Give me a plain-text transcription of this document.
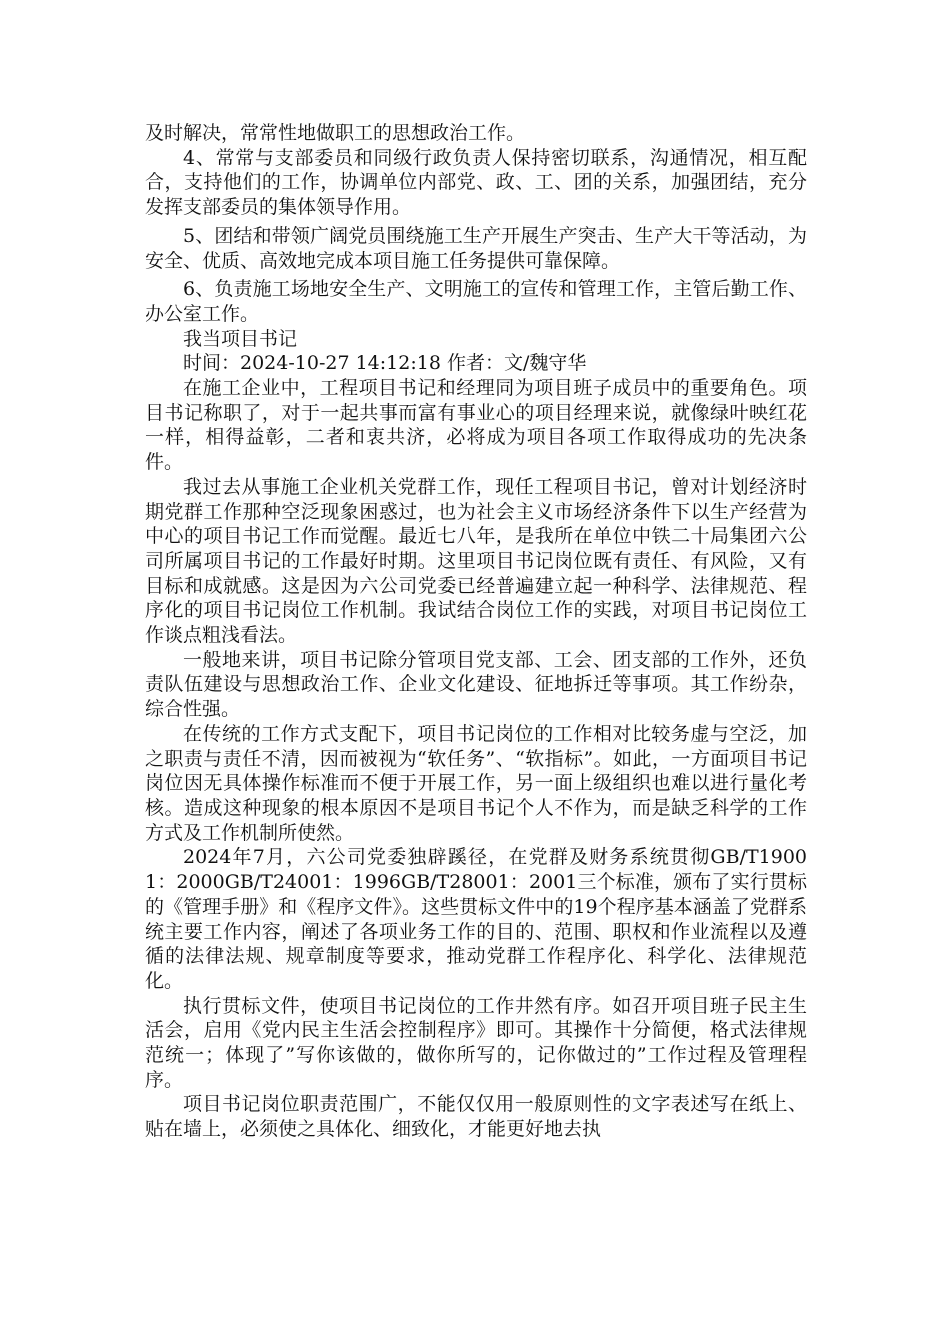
及时解决，常常性地做职工的思想政治工作。

4、常常与支部委员和同级行政负责人保持密切联系，沟通情况，相互配合，支持他们的工作，协调单位内部党、政、工、团的关系，加强团结，充分发挥支部委员的集体领导作用。

5、团结和带领广阔党员围绕施工生产开展生产突击、生产大干等活动，为安全、优质、高效地完成本项目施工任务提供可靠保障。

6、负责施工场地安全生产、文明施工的宣传和管理工作，主管后勤工作、办公室工作。

我当项目书记

时间：2024-10-27 14:12:18 作者：文/魏守华

在施工企业中，工程项目书记和经理同为项目班子成员中的重要角色。项目书记称职了，对于一起共事而富有事业心的项目经理来说，就像绿叶映红花一样，相得益彰，二者和衷共济，必将成为项目各项工作取得成功的先决条件。

我过去从事施工企业机关党群工作，现任工程项目书记，曾对计划经济时期党群工作那种空泛现象困惑过，也为社会主义市场经济条件下以生产经营为中心的项目书记工作而觉醒。最近七八年，是我所在单位中铁二十局集团六公司所属项目书记的工作最好时期。这里项目书记岗位既有责任、有风险，又有目标和成就感。这是因为六公司党委已经普遍建立起一种科学、法律规范、程序化的项目书记岗位工作机制。我试结合岗位工作的实践，对项目书记岗位工作谈点粗浅看法。

一般地来讲，项目书记除分管项目党支部、工会、团支部的工作外，还负责队伍建设与思想政治工作、企业文化建设、征地拆迁等事项。其工作纷杂，综合性强。

在传统的工作方式支配下，项目书记岗位的工作相对比较务虚与空泛，加之职责与责任不清，因而被视为“软任务”、“软指标”。如此，一方面项目书记岗位因无具体操作标准而不便于开展工作，另一面上级组织也难以进行量化考核。造成这种现象的根本原因不是项目书记个人不作为，而是缺乏科学的工作方式及工作机制所使然。

2024年7月，六公司党委独辟蹊径，在党群及财务系统贯彻GB/T19001：2000GB/T24001：1996GB/T28001：2001三个标准，颁布了实行贯标的《管理手册》和《程序文件》。这些贯标文件中的19个程序基本涵盖了党群系统主要工作内容，阐述了各项业务工作的目的、范围、职权和作业流程以及遵循的法律法规、规章制度等要求，推动党群工作程序化、科学化、法律规范化。

执行贯标文件，使项目书记岗位的工作井然有序。如召开项目班子民主生活会，启用《党内民主生活会控制程序》即可。其操作十分简便，格式法律规范统一；体现了”写你该做的，做你所写的，记你做过的”工作过程及管理程序。

项目书记岗位职责范围广，不能仅仅用一般原则性的文字表述写在纸上、贴在墙上，必须使之具体化、细致化，才能更好地去执
